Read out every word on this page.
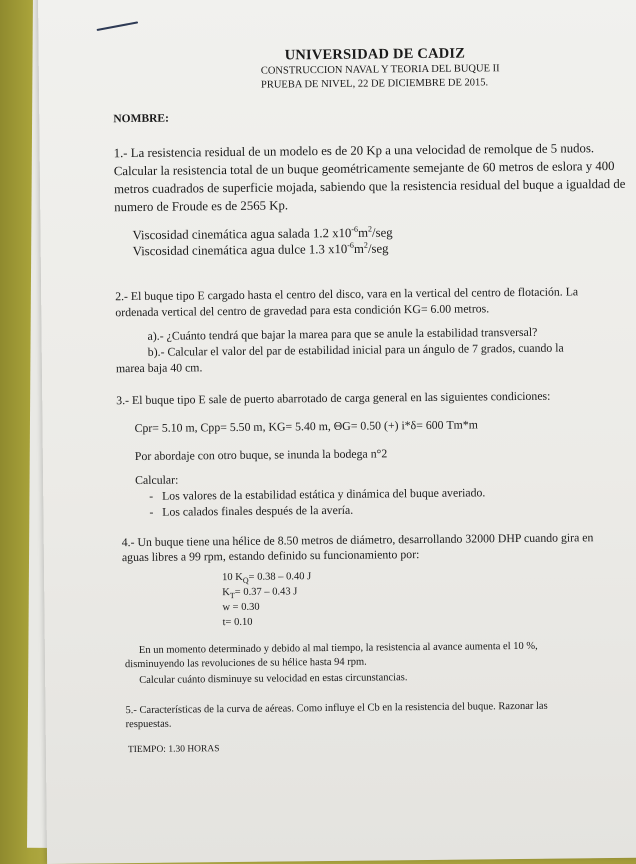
UNIVERSIDAD DE CADIZ
CONSTRUCCION NAVAL Y TEORIA DEL BUQUE II
PRUEBA DE NIVEL, 22 DE DICIEMBRE DE 2015.
NOMBRE:
1.- La resistencia residual de un modelo es de 20 Kp a una velocidad de remolque de 5 nudos.
Calcular la resistencia total de un buque geométricamente semejante de 60 metros de eslora y 400
metros cuadrados de superficie mojada, sabiendo que la resistencia residual del buque a igualdad de
numero de Froude es de 2565 Kp.
Viscosidad cinemática agua salada 1.2 $x10^{-6}m^2$/seg
Viscosidad cinemática agua dulce 1.3 $x10^{-6}m^2$/seg
2.- El buque tipo E cargado hasta el centro del disco, vara en la vertical del centro de flotación. La
ordenada vertical del centro de gravedad para esta condición KG= 6.00 metros.
a).- ¿Cuánto tendrá que bajar la marea para que se anule la estabilidad transversal?
b).- Calcular el valor del par de estabilidad inicial para un ángulo de 7 grados, cuando la
marea baja 40 cm.
3.- El buque tipo E sale de puerto abarrotado de carga general en las siguientes condiciones:
Cpr= 5.10 m, Cpp= 5.50 m, KG= 5.40 m, ΘG= 0.50 (+) i*δ= 600 Tm*m
Por abordaje con otro buque, se inunda la bodega n°2
Calcular:
-   Los valores de la estabilidad estática y dinámica del buque averiado.
-   Los calados finales después de la avería.
4.- Un buque tiene una hélice de 8.50 metros de diámetro, desarrollando 32000 DHP cuando gira en
aguas libres a 99 rpm, estando definido su funcionamiento por:
10 $K_Q= 0.38 - 0.40$ J
$K_T= 0.37 - 0.43$ J
w = 0.30
t= 0.10
En un momento determinado y debido al mal tiempo, la resistencia al avance aumenta el 10 %,
disminuyendo las revoluciones de su hélice hasta 94 rpm.
Calcular cuánto disminuye su velocidad en estas circunstancias.
5.- Características de la curva de aéreas. Como influye el Cb en la resistencia del buque. Razonar las
respuestas.
TIEMPO: 1.30 HORAS
